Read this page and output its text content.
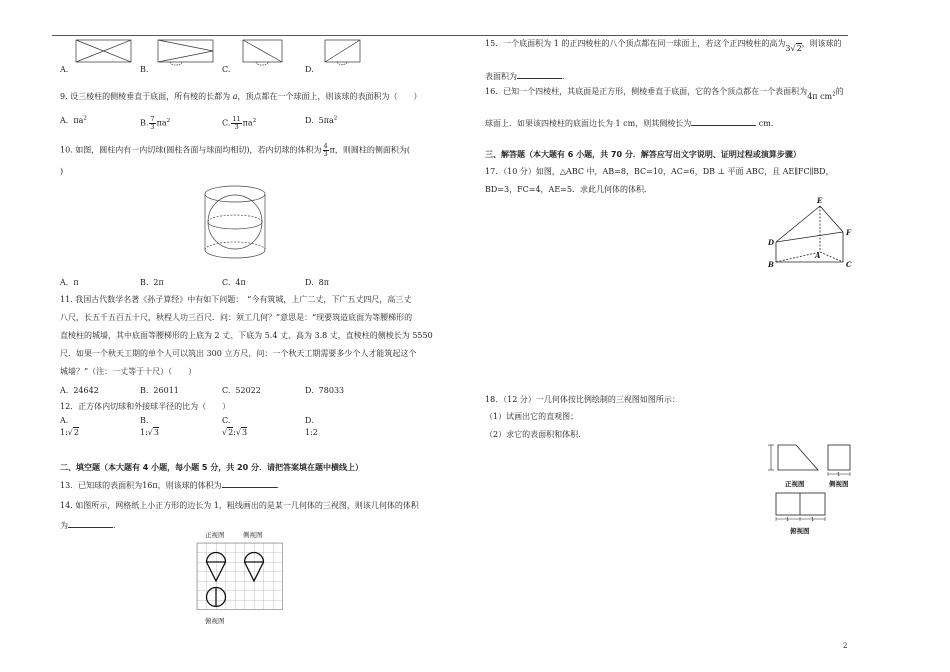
正视图	侧视图
俯视图
E
D
F
A
B	C
正视图	侧视图
俯视图
1
1	1
A.	B.	C.	D.
9. 设三棱柱的侧棱垂直于底面，所有棱的长都为 a，顶点都在一个球面上，则该球的表面积为（　　）
A. $\pi a^2$
B. $\frac{7}{3} \pi a^2$	C. $\frac{11}{3} \pi a^2$	D. $5\pi a^2$
10. 如图，圆柱内有一内切球(圆柱各面与球面均相切)，若内切球的体积为 $\frac{4}{3}$ π，则圆柱的侧面积为(
)
A. π	B. 2π	C. 4π	D. 8π
11. 我国古代数学名著《孙子算经》中有如下问题：　“今有筑城，上广二丈，下广五丈四尺，高三丈
八尺，长五千五百五十尺，秋程人功三百尺．问：须工几何？”意思是：“现要筑造底面为等腰梯形的
直棱柱的城墙，其中底面等腰梯形的上底为 2 丈、下底为 5.4 丈、高为 3.8 丈，直棱柱的侧棱长为 5550
尺．如果一个秋天工期的单个人可以筑出 300 立方尺，问：一个秋天工期需要多少个人才能筑起这个
城墙？”（注：一丈等于十尺）（　　）
A. 24642	B. 26011	C. 52022	D. 78033
12．正方体内切球和外接球半径的比为（　　）
A.	B.	C.	D.
1:√2	1:√3	√2:√3	1:2
二、填空题（本大题有 4 小题，每小题 5 分，共 20 分．请把答案填在题中横线上）
13．已知球的表面积为16π，则该球的体积为	．
14. 如图所示，网格纸上小正方形的边长为 1，粗线画出的是某一几何体的三视图，则该几何体的体积
为	．
15．一个底面积为 1 的正四棱柱的八个顶点都在同一球面上，若这个正四棱柱的高为3√2，则该球的
表面积为	．
16．已知一个四棱柱，其底面是正方形，侧棱垂直于底面，它的各个顶点都在一个表面积为4π $cm^2$的
球面上．如果该四棱柱的底面边长为 1 cm，则其侧棱长为	cm．
三、解答题（本大题有 6 小题，共 70 分．解答应写出文字说明、证明过程或演算步骤）
17．（10 分）如图，△ABC 中，AB=8，BC=10，AC=6，DB ⊥ 平面 ABC，且 AE∥FC∥BD，
BD=3，FC=4，AE=5．求此几何体的体积．
18．（12 分）一几何体按比例绘制的三视图如图所示：
（1）试画出它的直观图；
（2）求它的表面积和体积．
2
